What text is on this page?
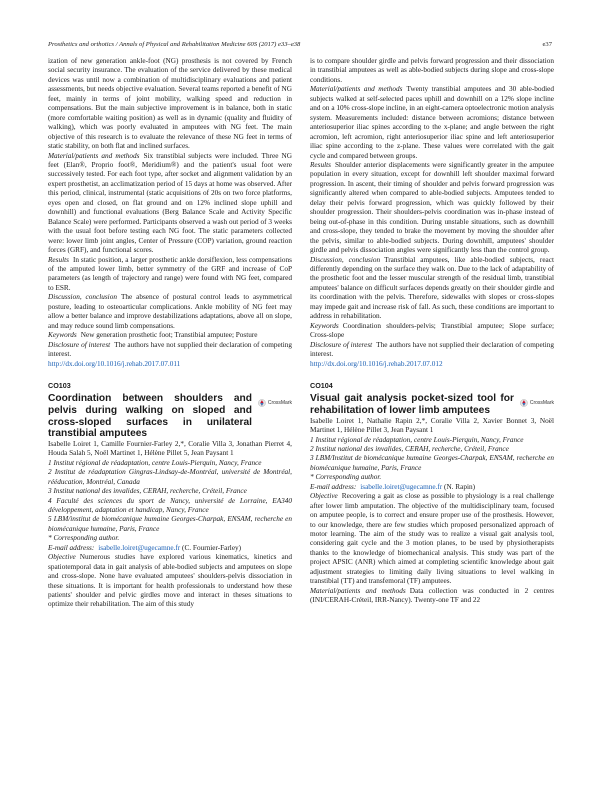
Prosthetics and orthotics / Annals of Physical and Rehabilitation Medicine 60S (2017) e33–e38	e37

ization of new generation ankle-foot (NG) prosthesis is not covered by French social security insurance. The evaluation of the service delivered by these medical devices was until now a combination of multidisciplinary evaluations and patient assessments, but needs objective evaluation. Several teams reported a benefit of NG feet, mainly in terms of joint mobility, walking speed and reduction in compensations. But the main subjective improvement is in balance, both in static (more comfortable waiting position) as well as in dynamic (quality and fluidity of walking), which was poorly evaluated in amputees with NG feet. The main objective of this research is to evaluate the relevance of these NG feet in terms of static stability, on both flat and inclined surfaces.

Material/patients and methods Six transtibial subjects were included. Three NG feet (Elan®, Proprio foot®, Meridium®) and the patient's usual foot were successively tested. For each foot type, after socket and alignment validation by an expert prosthetist, an acclimatization period of 15 days at home was observed. After this period, clinical, instrumental (static acquisitions of 20s on two force platforms, eyes open and closed, on flat ground and on 12% inclined slope uphill and downhill) and functional evaluations (Berg Balance Scale and Activity Specific Balance Scale) were performed. Participants observed a wash out period of 3 weeks with the usual foot before testing each NG foot. The static parameters collected were: lower limb joint angles, Center of Pressure (COP) variation, ground reaction forces (GRF), and functional scores.

Results In static position, a larger prosthetic ankle dorsiflexion, less compensations of the amputed lower limb, better symmetry of the GRF and increase of CoP parameters (as length of trajectory and range) were found with NG feet, compared to ESR.

Discussion, conclusion The absence of postural control leads to asymmetrical posture, leading to osteoarticular complications. Ankle mobility of NG feet may allow a better balance and improve destabilizations adaptations, above all on slope, and may reduce sound limb compensations.

Keywords New generation prosthetic foot; Transtibial amputee; Posture

Disclosure of interest The authors have not supplied their declaration of competing interest.

http://dx.doi.org/10.1016/j.rehab.2017.07.011

CO103

Coordination between shoulders and pelvis during walking on sloped and cross-sloped surfaces in unilateral transtibial amputees

CrossMark

Isabelle Loiret 1, Camille Fournier-Farley 2,*, Coralie Villa 3, Jonathan Pierret 4, Houda Salah 5, Noël Martinet 1, Hélène Pillet 5, Jean Paysant 1

1 Institut régional de réadaptation, centre Louis-Pierquin, Nancy, France

2 Institut de réadaptation Gingras-Lindsay-de-Montréal, université de Montréal, rééducation, Montréal, Canada

3 Institut national des invalides, CERAH, recherche, Créteil, France

4 Faculté des sciences du sport de Nancy, université de Lorraine, EA340 développement, adaptation et handicap, Nancy, France

5 LBM/institut de biomécanique humaine Georges-Charpak, ENSAM, recherche en biomécanique humaine, Paris, France

* Corresponding author.

E-mail address: isabelle.loiret@ugecamne.fr (C. Fournier-Farley)

Objective Numerous studies have explored various kinematics, kinetics and spatiotemporal data in gait analysis of able-bodied subjects and amputees on slope and cross-slope. None have evaluated amputees' shoulders-pelvis dissociation in these situations. It is important for health professionals to understand how these patients' shoulder and pelvic girdles move and interact in theses situations to optimize their rehabilitation. The aim of this study

is to compare shoulder girdle and pelvis forward progression and their dissociation in transtibial amputees as well as able-bodied subjects during slope and cross-slope conditions.

Material/patients and methods Twenty transtibial amputees and 30 able-bodied subjects walked at self-selected paces uphill and downhill on a 12% slope incline and on a 10% cross-slope incline, in an eight-camera optoelectronic motion analysis system. Measurements included: distance between acromions; distance between anteriosuperior iliac spines according to the x-plane; and angle between the right acromion, left acromion, right anteriosuperior iliac spine and left anteriosuperior iliac spine according to the z-plane. These values were correlated with the gait cycle and compared between groups.

Results Shoulder anterior displacements were significantly greater in the amputee population in every situation, except for downhill left shoulder maximal forward progression. In ascent, their timing of shoulder and pelvis forward progression was significantly altered when compared to able-bodied subjects. Amputees tended to delay their pelvis forward progression, which was quickly followed by their shoulder progression. Their shoulders-pelvis coordination was in-phase instead of being out-of-phase in this condition. During unstable situations, such as downhill and cross-slope, they tended to brake the movement by moving the shoulder after the pelvis, similar to able-bodied subjects. During downhill, amputees' shoulder girdle and pelvis dissociation angles were significantly less than the control group.

Discussion, conclusion Transtibial amputees, like able-bodied subjects, react differently depending on the surface they walk on. Due to the lack of adaptability of the prosthetic foot and the lesser muscular strength of the residual limb, transtibial amputees' balance on difficult surfaces depends greatly on their shoulder girdle and its coordination with the pelvis. Therefore, sidewalks with slopes or cross-slopes may impede gait and increase risk of fall. As such, these conditions are important to address in rehabilitation.

Keywords Coordination shoulders-pelvis; Transtibial amputee; Slope surface; Cross-slope

Disclosure of interest The authors have not supplied their declaration of competing interest.

http://dx.doi.org/10.1016/j.rehab.2017.07.012

CO104

Visual gait analysis pocket-sized tool for rehabilitation of lower limb amputees

CrossMark

Isabelle Loiret 1, Nathalie Rapin 2,*, Coralie Villa 2, Xavier Bonnet 3, Noël Martinet 1, Hélène Pillet 3, Jean Paysant 1

1 Institut régional de réadaptation, centre Louis-Pierquin, Nancy, France

2 Institut national des invalides, CERAH, recherche, Créteil, France

3 LBM/Institut de biomécanique humaine Georges-Charpak, ENSAM, recherche en biomécanique humaine, Paris, France

* Corresponding author.

E-mail address: isabelle.loiret@ugecamne.fr (N. Rapin)

Objective Recovering a gait as close as possible to physiology is a real challenge after lower limb amputation. The objective of the multidisciplinary team, focused on amputee people, is to correct and ensure proper use of the prosthesis. However, to our knowledge, there are few studies which proposed personalized approach of motor learning. The aim of the study was to realize a visual gait analysis tool, considering gait cycle and the 3 motion planes, to be used by physiotherapists thanks to the knowledge of biomechanical analysis. This study was part of the project APSIC (ANR) which aimed at completing scientific knowledge about gait adjustment strategies to limiting daily living situations to level walking in transtibial (TT) and transfemoral (TF) amputees.

Material/patients and methods Data collection was conducted in 2 centres (INI/CERAH-Créteil, IRR-Nancy). Twenty-one TF and 22
